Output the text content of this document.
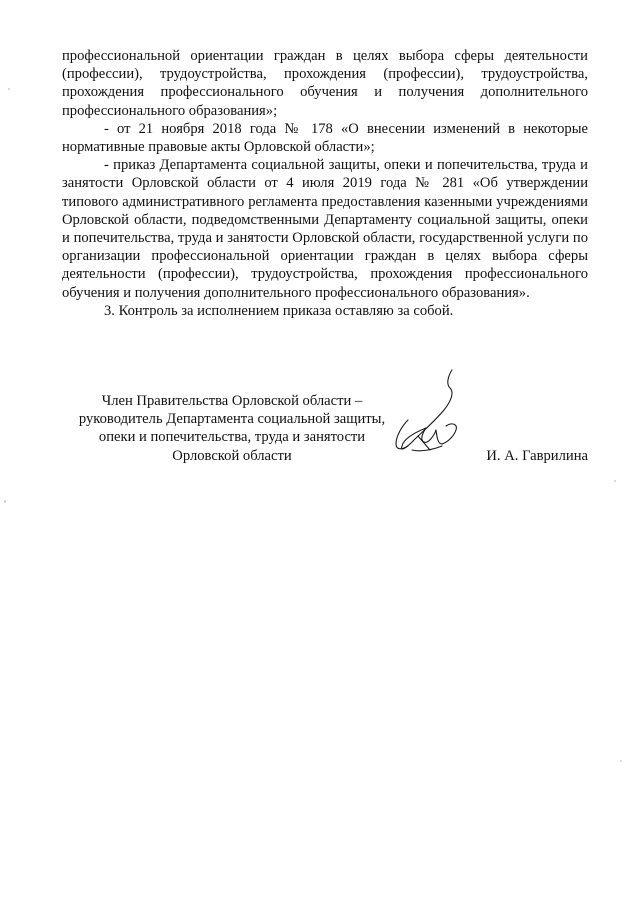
профессиональной ориентации граждан в целях выбора сферы деятельности (профессии), трудоустройства, прохождения (профессии), трудоустройства, прохождения профессионального обучения и получения дополнительного профессионального образования»;

- от 21 ноября 2018 года № 178 «О внесении изменений в некоторые нормативные правовые акты Орловской области»;

- приказ Департамента социальной защиты, опеки и попечительства, труда и занятости Орловской области от 4 июля 2019 года № 281 «Об утверждении типового административного регламента предоставления казенными учреждениями Орловской области, подведомственными Департаменту социальной защиты, опеки и попечительства, труда и занятости Орловской области, государственной услуги по организации профессиональной ориентации граждан в целях выбора сферы деятельности (профессии), трудоустройства, прохождения профессионального обучения и получения дополнительного профессионального образования».

3. Контроль за исполнением приказа оставляю за собой.

Член Правительства Орловской области –
руководитель Департамента социальной защиты,
опеки и попечительства, труда и занятости
Орловской области	И. А. Гаврилина
